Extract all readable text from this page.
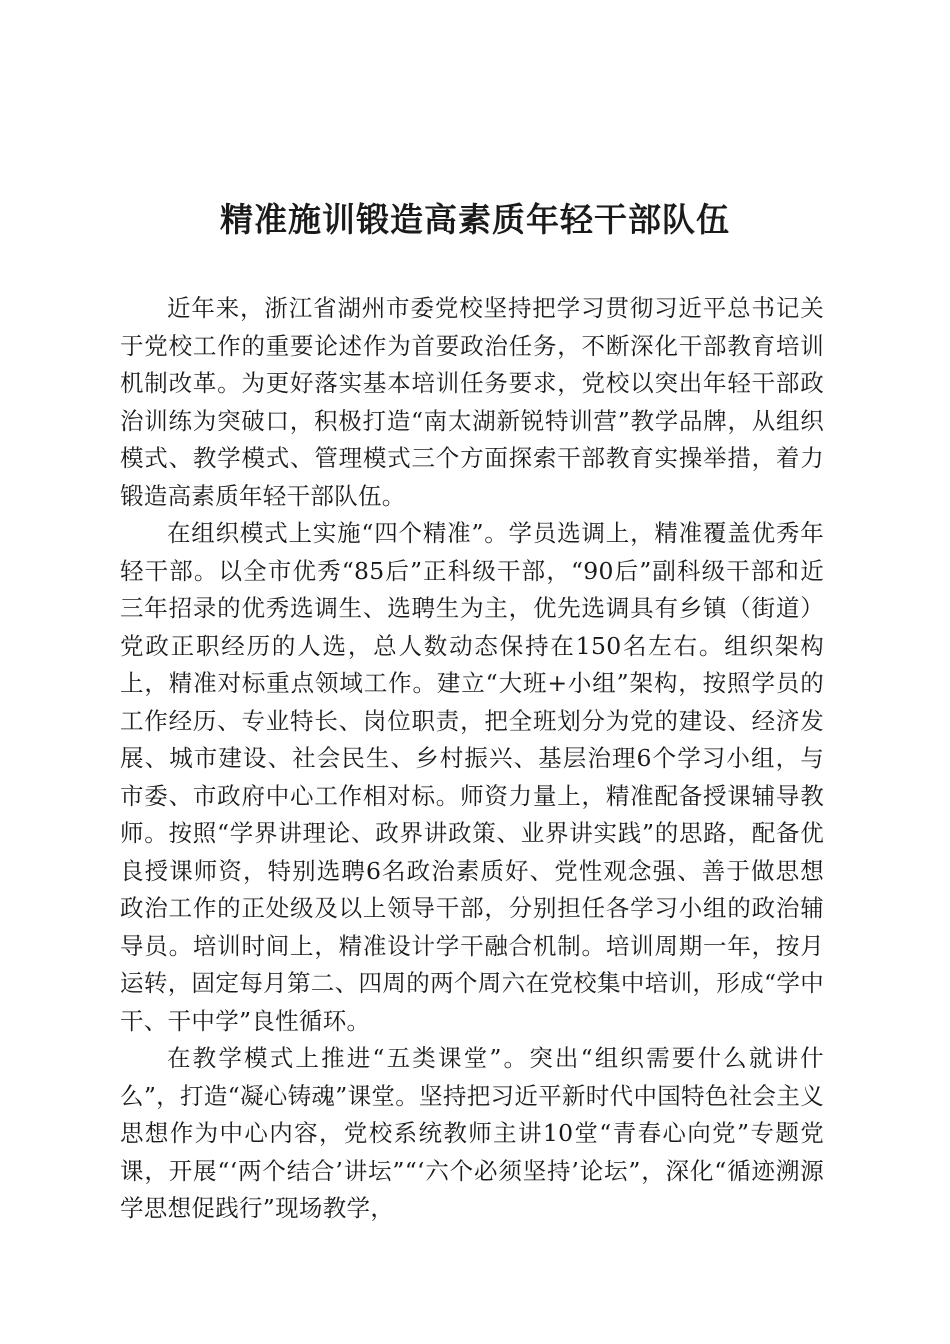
精准施训锻造高素质年轻干部队伍

近年来，浙江省湖州市委党校坚持把学习贯彻习近平总书记关于党校工作的重要论述作为首要政治任务，不断深化干部教育培训机制改革。为更好落实基本培训任务要求，党校以突出年轻干部政治训练为突破口，积极打造“南太湖新锐特训营”教学品牌，从组织模式、教学模式、管理模式三个方面探索干部教育实操举措，着力锻造高素质年轻干部队伍。

在组织模式上实施“四个精准”。学员选调上，精准覆盖优秀年轻干部。以全市优秀“85后”正科级干部，“90后”副科级干部和近三年招录的优秀选调生、选聘生为主，优先选调具有乡镇（街道）党政正职经历的人选，总人数动态保持在150名左右。组织架构上，精准对标重点领域工作。建立“大班+小组”架构，按照学员的工作经历、专业特长、岗位职责，把全班划分为党的建设、经济发展、城市建设、社会民生、乡村振兴、基层治理6个学习小组，与市委、市政府中心工作相对标。师资力量上，精准配备授课辅导教师。按照“学界讲理论、政界讲政策、业界讲实践”的思路，配备优良授课师资，特别选聘6名政治素质好、党性观念强、善于做思想政治工作的正处级及以上领导干部，分别担任各学习小组的政治辅导员。培训时间上，精准设计学干融合机制。培训周期一年，按月运转，固定每月第二、四周的两个周六在党校集中培训，形成“学中干、干中学”良性循环。

在教学模式上推进“五类课堂”。突出“组织需要什么就讲什么”，打造“凝心铸魂”课堂。坚持把习近平新时代中国特色社会主义思想作为中心内容，党校系统教师主讲10堂“青春心向党”专题党课，开展“‘两个结合’讲坛”“‘六个必须坚持’论坛”，深化“循迹溯源学思想促践行”现场教学，
